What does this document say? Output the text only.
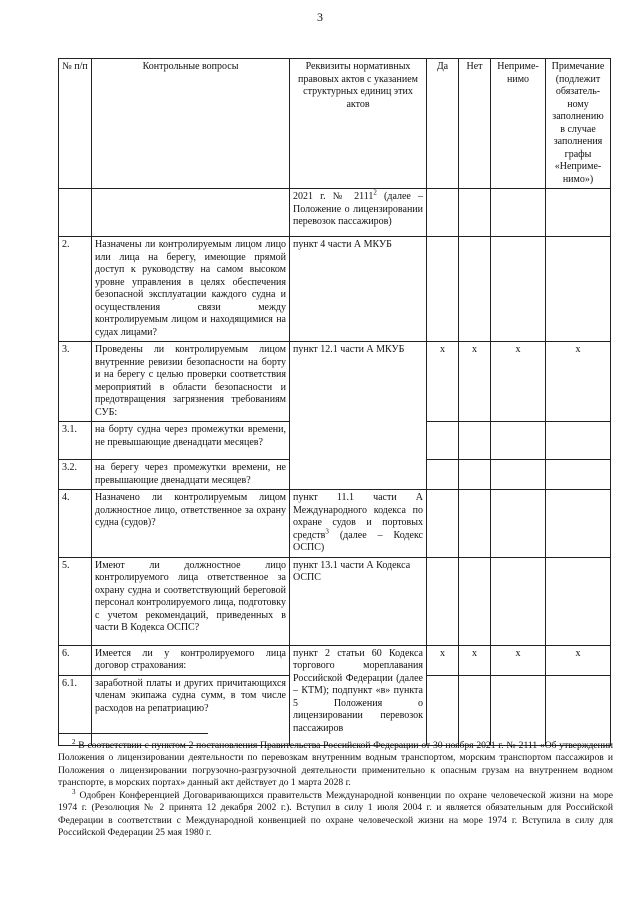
3
№ п/п	Контрольные вопросы	Реквизиты нормативных правовых актов с указанием структурных единиц этих актов	Да	Нет	Неприме- нимо	Примечание (подлежит обязатель- ному заполнению в случае заполнения графы «Неприме- нимо»)
		2021 г. № 2111$^2$ (далее – Положение о лицензировании перевозок пассажиров)				
2.	Назначены ли контролируемым лицом лицо или лица на берегу, имеющие прямой доступ к руководству на самом высоком уровне управления в целях обеспечения безопасной эксплуатации каждого судна и осуществления связи между контролируемым лицом и находящимися на судах лицами?	пункт 4 части А МКУБ				
3.	Проведены ли контролируемым лицом внутренние ревизии безопасности на борту и на берегу с целью проверки соответствия мероприятий в области безопасности и предотвращения загрязнения требованиям СУБ:	пункт 12.1 части А МКУБ	x	x	x	x
3.1.	на борту судна через промежутки времени, не превышающие двенадцати месяцев?					
3.2.	на берегу через промежутки времени, не превышающие двенадцати месяцев?					
4.	Назначено ли контролируемым лицом должностное лицо, ответственное за охрану судна (судов)?	пункт 11.1 части А Международного кодекса по охране судов и портовых средств$^3$ (далее – Кодекс ОСПС)				
5.	Имеют ли должностное лицо контролируемого лица ответственное за охрану судна и соответствующий береговой персонал контролируемого лица, подготовку с учетом рекомендаций, приведенных в части В Кодекса ОСПС?	пункт 13.1 части А Кодекса ОСПС				
6.	Имеется ли у контролируемого лица договор страхования:	пункт 2 статьи 60 Кодекса торгового мореплавания Российской Федерации (далее – КТМ); подпункт «в» пункта 5 Положения о лицензировании перевозок пассажиров	x	x	x	x
6.1.	заработной платы и других причитающихся членам экипажа судна сумм, в том числе расходов на репатриацию?					

$^2$ В соответствии с пунктом 2 постановления Правительства Российской Федерации от 30 ноября 2021 г. № 2111 «Об утверждении Положения о лицензировании деятельности по перевозкам внутренним водным транспортом, морским транспортом пассажиров и Положения о лицензировании погрузочно-разгрузочной деятельности применительно к опасным грузам на внутреннем водном транспорте, в морских портах» данный акт действует до 1 марта 2028 г.

$^3$ Одобрен Конференцией Договаривающихся правительств Международной конвенции по охране человеческой жизни на море 1974 г. (Резолюция № 2 принята 12 декабря 2002 г.). Вступил в силу 1 июля 2004 г. и является обязательным для Российской Федерации в соответствии с Международной конвенцией по охране человеческой жизни на море 1974 г. Вступила в силу для Российской Федерации 25 мая 1980 г.
